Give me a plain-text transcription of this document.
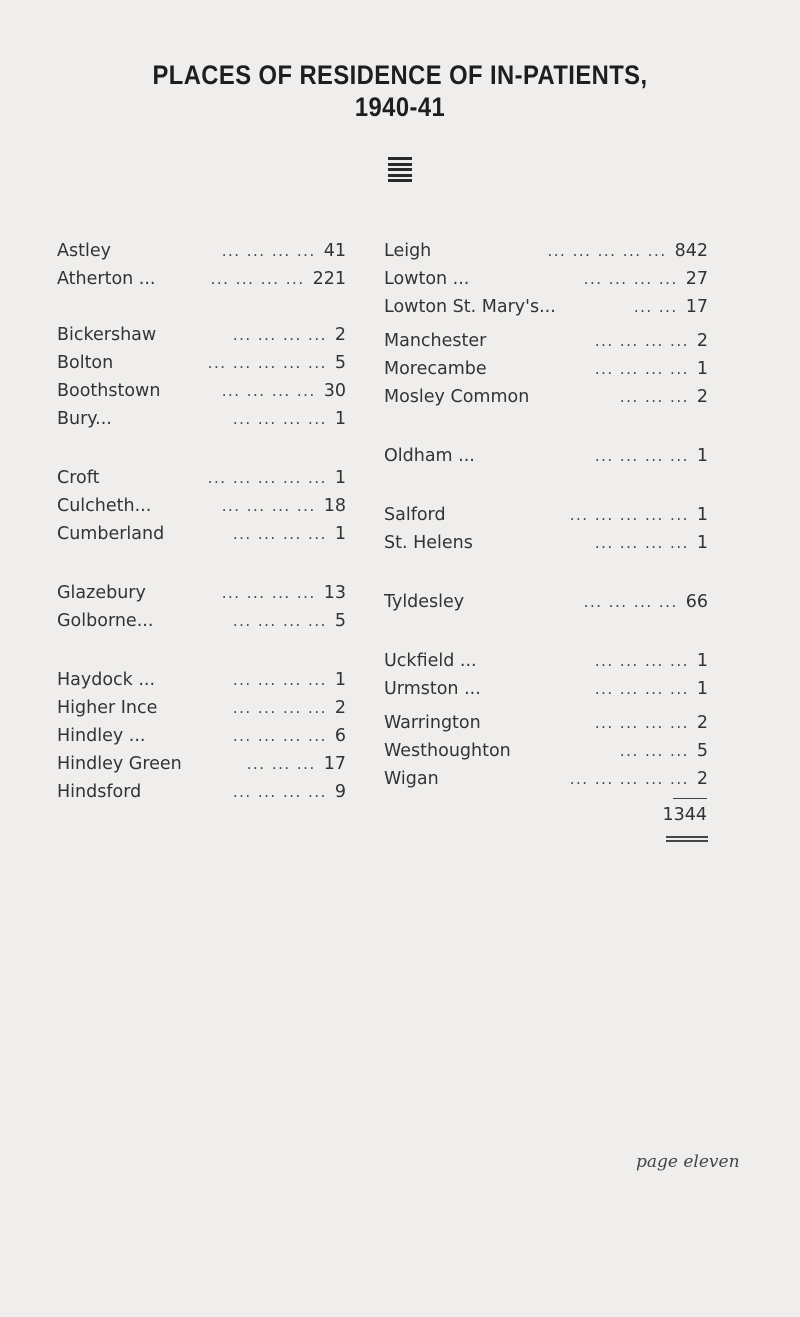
PLACES OF RESIDENCE OF IN-PATIENTS,
1940-41
Astley	... ... ... ... 41
Atherton ...	... ... ... ... 221
Bickershaw	... ... ... ... 2
Bolton	... ... ... ... ... 5
Boothstown	... ... ... ... 30
Bury...	... ... ... ... 1
Croft	... ... ... ... ... 1
Culcheth...	... ... ... ... 18
Cumberland	... ... ... ... 1
Glazebury	... ... ... ... 13
Golborne...	... ... ... ... 5
Haydock ...	... ... ... ... 1
Higher Ince	... ... ... ... 2
Hindley ...	... ... ... ... 6
Hindley Green	... ... ... 17
Hindsford	... ... ... ... 9
Leigh	... ... ... ... ... 842
Lowton ...	... ... ... ... 27
Lowton St. Mary's...	... ... 17
Manchester	... ... ... ... 2
Morecambe	... ... ... ... 1
Mosley Common	... ... ... 2
Oldham ...	... ... ... ... 1
Salford	... ... ... ... ... 1
St. Helens	... ... ... ... 1
Tyldesley	... ... ... ... 66
Uckfield ...	... ... ... ... 1
Urmston ...	... ... ... ... 1
Warrington	... ... ... ... 2
Westhoughton	... ... ... 5
Wigan	... ... ... ... ... 2
1344
page eleven
